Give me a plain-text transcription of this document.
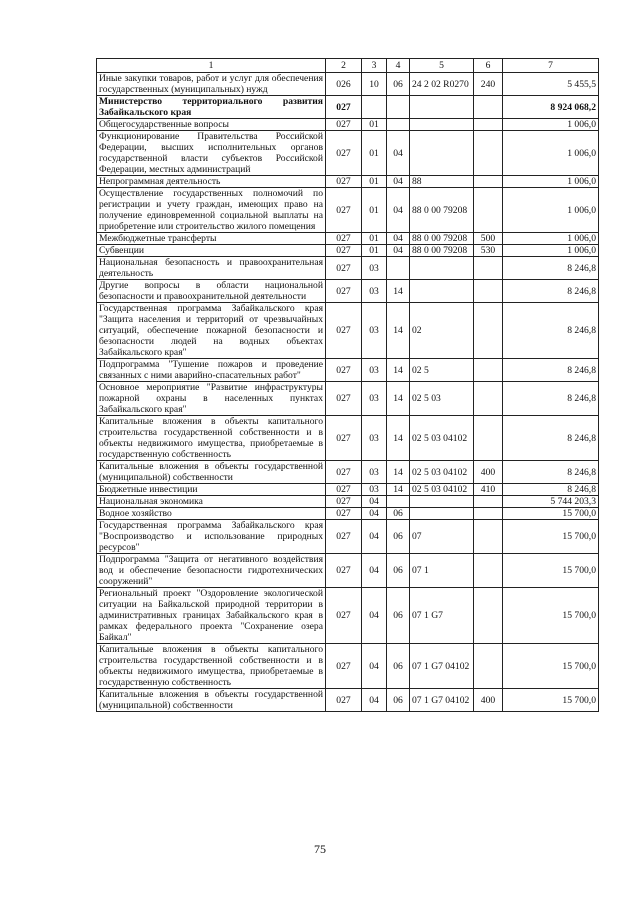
1	2	3	4	5	6	7
Иные закупки товаров, работ и услуг для обеспечения государственных (муниципальных) нужд	026	10	06	24 2 02 R0270	240	5 455,5
Министерство территориального развития Забайкальского края	027					8 924 068,2
Общегосударственные вопросы	027	01				1 006,0
Функционирование Правительства Российской Федерации, высших исполнительных органов государственной власти субъектов Российской Федерации, местных администраций	027	01	04			1 006,0
Непрограммная деятельность	027	01	04	88		1 006,0
Осуществление государственных полномочий по регистрации и учету граждан, имеющих право на получение единовременной социальной выплаты на приобретение или строительство жилого помещения	027	01	04	88 0 00 79208		1 006,0
Межбюджетные трансферты	027	01	04	88 0 00 79208	500	1 006,0
Субвенции	027	01	04	88 0 00 79208	530	1 006,0
Национальная безопасность и правоохранительная деятельность	027	03				8 246,8
Другие вопросы в области национальной безопасности и правоохранительной деятельности	027	03	14			8 246,8
Государственная программа Забайкальского края "Защита населения и территорий от чрезвычайных ситуаций, обеспечение пожарной безопасности и безопасности людей на водных объектах Забайкальского края"	027	03	14	02		8 246,8
Подпрограмма "Тушение пожаров и проведение связанных с ними аварийно-спасательных работ"	027	03	14	02 5		8 246,8
Основное мероприятие "Развитие инфраструктуры пожарной охраны в населенных пунктах Забайкальского края"	027	03	14	02 5 03		8 246,8
Капитальные вложения в объекты капитального строительства государственной собственности и в объекты недвижимого имущества, приобретаемые в государственную собственность	027	03	14	02 5 03 04102		8 246,8
Капитальные вложения в объекты государственной (муниципальной) собственности	027	03	14	02 5 03 04102	400	8 246,8
Бюджетные инвестиции	027	03	14	02 5 03 04102	410	8 246,8
Национальная экономика	027	04				5 744 203,3
Водное хозяйство	027	04	06			15 700,0
Государственная программа Забайкальского края "Воспроизводство и использование природных ресурсов"	027	04	06	07		15 700,0
Подпрограмма "Защита от негативного воздействия вод и обеспечение безопасности гидротехнических сооружений"	027	04	06	07 1		15 700,0
Региональный проект "Оздоровление экологической ситуации на Байкальской природной территории в административных границах Забайкальского края в рамках федерального проекта "Сохранение озера Байкал"	027	04	06	07 1 G7		15 700,0
Капитальные вложения в объекты капитального строительства государственной собственности и в объекты недвижимого имущества, приобретаемые в государственную собственность	027	04	06	07 1 G7 04102		15 700,0
Капитальные вложения в объекты государственной (муниципальной) собственности	027	04	06	07 1 G7 04102	400	15 700,0
75
